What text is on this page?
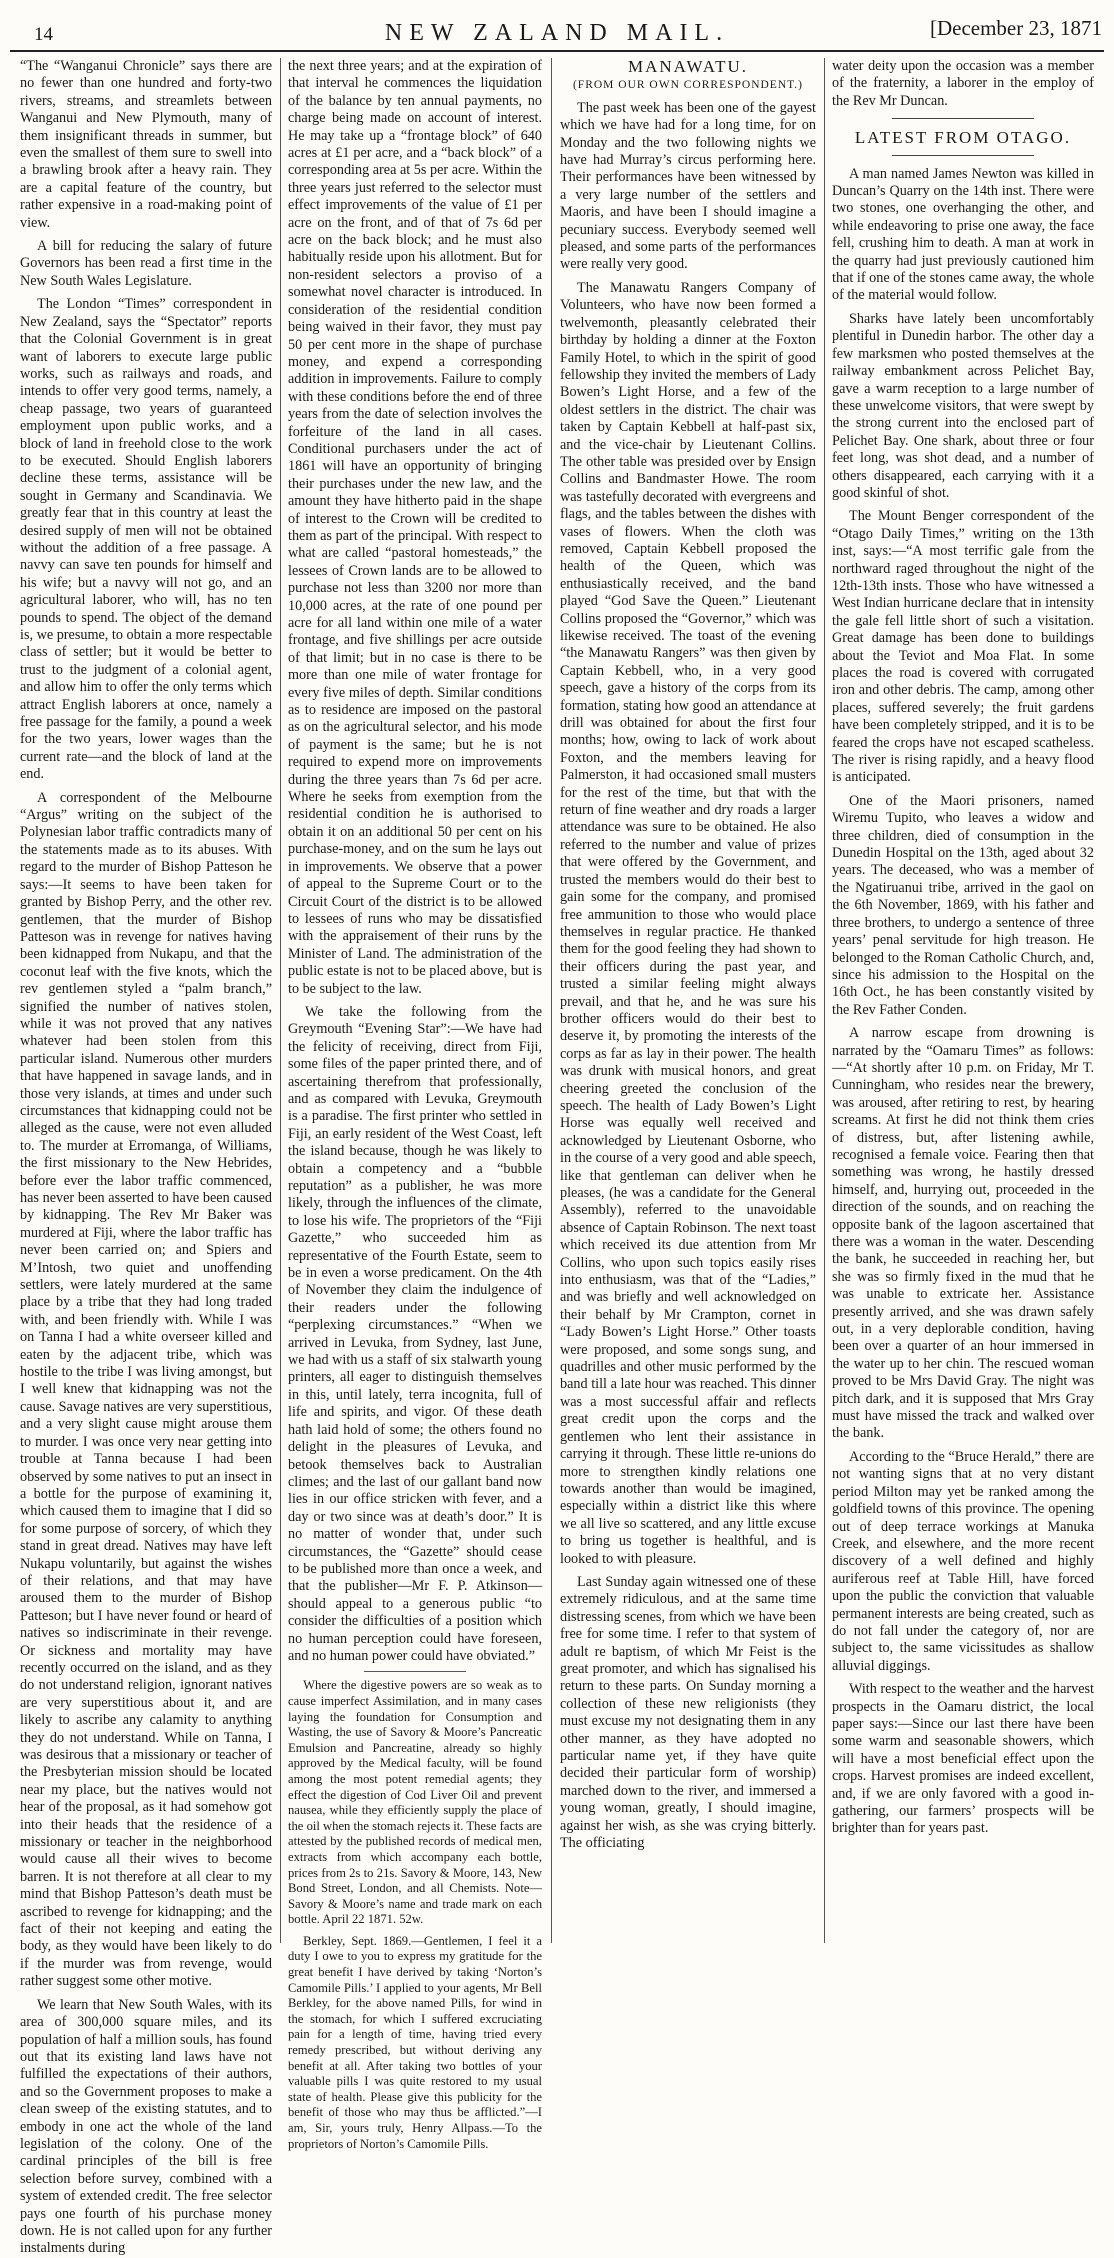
14	NEW ZALAND MAIL.	[December 23, 1871

“The “Wanganui Chronicle” says there are no fewer than one hundred and forty-two rivers, streams, and streamlets between Wanganui and New Plymouth, many of them insignificant threads in summer, but even the smallest of them sure to swell into a brawling brook after a heavy rain. They are a capital feature of the country, but rather expensive in a road-making point of view.

A bill for reducing the salary of future Governors has been read a first time in the New South Wales Legislature.

The London “Times” correspondent in New Zealand, says the “Spectator” reports that the Colonial Government is in great want of laborers to execute large public works, such as railways and roads, and intends to offer very good terms, namely, a cheap passage, two years of guaranteed employment upon public works, and a block of land in freehold close to the work to be executed. Should English laborers decline these terms, assistance will be sought in Germany and Scandinavia. We greatly fear that in this country at least the desired supply of men will not be obtained without the addition of a free passage. A navvy can save ten pounds for himself and his wife; but a navvy will not go, and an agricultural laborer, who will, has no ten pounds to spend. The object of the demand is, we presume, to obtain a more respectable class of settler; but it would be better to trust to the judgment of a colonial agent, and allow him to offer the only terms which attract English laborers at once, namely a free passage for the family, a pound a week for the two years, lower wages than the current rate—and the block of land at the end.

A correspondent of the Melbourne “Argus” writing on the subject of the Polynesian labor traffic contradicts many of the statements made as to its abuses. With regard to the murder of Bishop Patteson he says:—It seems to have been taken for granted by Bishop Perry, and the other rev. gentlemen, that the murder of Bishop Patteson was in revenge for natives having been kidnapped from Nukapu, and that the coconut leaf with the five knots, which the rev gentlemen styled a “palm branch,” signified the number of natives stolen, while it was not proved that any natives whatever had been stolen from this particular island. Numerous other murders that have happened in savage lands, and in those very islands, at times and under such circumstances that kidnapping could not be alleged as the cause, were not even alluded to. The murder at Erromanga, of Williams, the first missionary to the New Hebrides, before ever the labor traffic commenced, has never been asserted to have been caused by kidnapping. The Rev Mr Baker was murdered at Fiji, where the labor traffic has never been carried on; and Spiers and M’Intosh, two quiet and unoffending settlers, were lately murdered at the same place by a tribe that they had long traded with, and been friendly with. While I was on Tanna I had a white overseer killed and eaten by the adjacent tribe, which was hostile to the tribe I was living amongst, but I well knew that kidnapping was not the cause. Savage natives are very superstitious, and a very slight cause might arouse them to murder. I was once very near getting into trouble at Tanna because I had been observed by some natives to put an insect in a bottle for the purpose of examining it, which caused them to imagine that I did so for some purpose of sorcery, of which they stand in great dread. Natives may have left Nukapu voluntarily, but against the wishes of their relations, and that may have aroused them to the murder of Bishop Patteson; but I have never found or heard of natives so indiscriminate in their revenge. Or sickness and mortality may have recently occurred on the island, and as they do not understand religion, ignorant natives are very superstitious about it, and are likely to ascribe any calamity to anything they do not understand. While on Tanna, I was desirous that a missionary or teacher of the Presbyterian mission should be located near my place, but the natives would not hear of the proposal, as it had somehow got into their heads that the residence of a missionary or teacher in the neighborhood would cause all their wives to become barren. It is not therefore at all clear to my mind that Bishop Patteson’s death must be ascribed to revenge for kidnapping; and the fact of their not keeping and eating the body, as they would have been likely to do if the murder was from revenge, would rather suggest some other motive.

We learn that New South Wales, with its area of 300,000 square miles, and its population of half a million souls, has found out that its existing land laws have not fulfilled the expectations of their authors, and so the Government proposes to make a clean sweep of the existing statutes, and to embody in one act the whole of the land legislation of the colony. One of the cardinal principles of the bill is free selection before survey, combined with a system of extended credit. The free selector pays one fourth of his purchase money down. He is not called upon for any further instalments during

the next three years; and at the expiration of that interval he commences the liquidation of the balance by ten annual payments, no charge being made on account of interest. He may take up a “frontage block” of 640 acres at £1 per acre, and a “back block” of a corresponding area at 5s per acre. Within the three years just referred to the selector must effect improvements of the value of £1 per acre on the front, and of that of 7s 6d per acre on the back block; and he must also habitually reside upon his allotment. But for non-resident selectors a proviso of a somewhat novel character is introduced. In consideration of the residential condition being waived in their favor, they must pay 50 per cent more in the shape of purchase money, and expend a corresponding addition in improvements. Failure to comply with these conditions before the end of three years from the date of selection involves the forfeiture of the land in all cases. Conditional purchasers under the act of 1861 will have an opportunity of bringing their purchases under the new law, and the amount they have hitherto paid in the shape of interest to the Crown will be credited to them as part of the principal. With respect to what are called “pastoral homesteads,” the lessees of Crown lands are to be allowed to purchase not less than 3200 nor more than 10,000 acres, at the rate of one pound per acre for all land within one mile of a water frontage, and five shillings per acre outside of that limit; but in no case is there to be more than one mile of water frontage for every five miles of depth. Similar conditions as to residence are imposed on the pastoral as on the agricultural selector, and his mode of payment is the same; but he is not required to expend more on improvements during the three years than 7s 6d per acre. Where he seeks from exemption from the residential condition he is authorised to obtain it on an additional 50 per cent on his purchase-money, and on the sum he lays out in improvements. We observe that a power of appeal to the Supreme Court or to the Circuit Court of the district is to be allowed to lessees of runs who may be dissatisfied with the appraisement of their runs by the Minister of Land. The administration of the public estate is not to be placed above, but is to be subject to the law.

We take the following from the Greymouth “Evening Star”:—We have had the felicity of receiving, direct from Fiji, some files of the paper printed there, and of ascertaining therefrom that professionally, and as compared with Levuka, Greymouth is a paradise. The first printer who settled in Fiji, an early resident of the West Coast, left the island because, though he was likely to obtain a competency and a “bubble reputation” as a publisher, he was more likely, through the influences of the climate, to lose his wife. The proprietors of the “Fiji Gazette,” who succeeded him as representative of the Fourth Estate, seem to be in even a worse predicament. On the 4th of November they claim the indulgence of their readers under the following “perplexing circumstances.” “When we arrived in Levuka, from Sydney, last June, we had with us a staff of six stalwarth young printers, all eager to distinguish themselves in this, until lately, terra incognita, full of life and spirits, and vigor. Of these death hath laid hold of some; the others found no delight in the pleasures of Levuka, and betook themselves back to Australian climes; and the last of our gallant band now lies in our office stricken with fever, and a day or two since was at death’s door.” It is no matter of wonder that, under such circumstances, the “Gazette” should cease to be published more than once a week, and that the publisher—Mr F. P. Atkinson—should appeal to a generous public “to consider the difficulties of a position which no human perception could have foreseen, and no human power could have obviated.”

Where the digestive powers are so weak as to cause imperfect Assimilation, and in many cases laying the foundation for Consumption and Wasting, the use of Savory & Moore’s Pancreatic Emulsion and Pancreatine, already so highly approved by the Medical faculty, will be found among the most potent remedial agents; they effect the digestion of Cod Liver Oil and prevent nausea, while they efficiently supply the place of the oil when the stomach rejects it. These facts are attested by the published records of medical men, extracts from which accompany each bottle, prices from 2s to 21s. Savory & Moore, 143, New Bond Street, London, and all Chemists. Note—Savory & Moore’s name and trade mark on each bottle. April 22 1871. 52w.

Berkley, Sept. 1869.—Gentlemen, I feel it a duty I owe to you to express my gratitude for the great benefit I have derived by taking ‘Norton’s Camomile Pills.’ I applied to your agents, Mr Bell Berkley, for the above named Pills, for wind in the stomach, for which I suffered excruciating pain for a length of time, having tried every remedy prescribed, but without deriving any benefit at all. After taking two bottles of your valuable pills I was quite restored to my usual state of health. Please give this publicity for the benefit of those who may thus be afflicted.”—I am, Sir, yours truly, Henry Allpass.—To the proprietors of Norton’s Camomile Pills.

MANAWATU.
(FROM OUR OWN CORRESPONDENT.)

The past week has been one of the gayest which we have had for a long time, for on Monday and the two following nights we have had Murray’s circus performing here. Their performances have been witnessed by a very large number of the settlers and Maoris, and have been I should imagine a pecuniary success. Everybody seemed well pleased, and some parts of the performances were really very good.

The Manawatu Rangers Company of Volunteers, who have now been formed a twelvemonth, pleasantly celebrated their birthday by holding a dinner at the Foxton Family Hotel, to which in the spirit of good fellowship they invited the members of Lady Bowen’s Light Horse, and a few of the oldest settlers in the district. The chair was taken by Captain Kebbell at half-past six, and the vice-chair by Lieutenant Collins. The other table was presided over by Ensign Collins and Bandmaster Howe. The room was tastefully decorated with evergreens and flags, and the tables between the dishes with vases of flowers. When the cloth was removed, Captain Kebbell proposed the health of the Queen, which was enthusiastically received, and the band played “God Save the Queen.” Lieutenant Collins proposed the “Governor,” which was likewise received. The toast of the evening “the Manawatu Rangers” was then given by Captain Kebbell, who, in a very good speech, gave a history of the corps from its formation, stating how good an attendance at drill was obtained for about the first four months; how, owing to lack of work about Foxton, and the members leaving for Palmerston, it had occasioned small musters for the rest of the time, but that with the return of fine weather and dry roads a larger attendance was sure to be obtained. He also referred to the number and value of prizes that were offered by the Government, and trusted the members would do their best to gain some for the company, and promised free ammunition to those who would place themselves in regular practice. He thanked them for the good feeling they had shown to their officers during the past year, and trusted a similar feeling might always prevail, and that he, and he was sure his brother officers would do their best to deserve it, by promoting the interests of the corps as far as lay in their power. The health was drunk with musical honors, and great cheering greeted the conclusion of the speech. The health of Lady Bowen’s Light Horse was equally well received and acknowledged by Lieutenant Osborne, who in the course of a very good and able speech, like that gentleman can deliver when he pleases, (he was a candidate for the General Assembly), referred to the unavoidable absence of Captain Robinson. The next toast which received its due attention from Mr Collins, who upon such topics easily rises into enthusiasm, was that of the “Ladies,” and was briefly and well acknowledged on their behalf by Mr Crampton, cornet in “Lady Bowen’s Light Horse.” Other toasts were proposed, and some songs sung, and quadrilles and other music performed by the band till a late hour was reached. This dinner was a most successful affair and reflects great credit upon the corps and the gentlemen who lent their assistance in carrying it through. These little re-unions do more to strengthen kindly relations one towards another than would be imagined, especially within a district like this where we all live so scattered, and any little excuse to bring us together is healthful, and is looked to with pleasure.

Last Sunday again witnessed one of these extremely ridiculous, and at the same time distressing scenes, from which we have been free for some time. I refer to that system of adult re baptism, of which Mr Feist is the great promoter, and which has signalised his return to these parts. On Sunday morning a collection of these new religionists (they must excuse my not designating them in any other manner, as they have adopted no particular name yet, if they have quite decided their particular form of worship) marched down to the river, and immersed a young woman, greatly, I should imagine, against her wish, as she was crying bitterly. The officiating

water deity upon the occasion was a member of the fraternity, a laborer in the employ of the Rev Mr Duncan.

LATEST FROM OTAGO.

A man named James Newton was killed in Duncan’s Quarry on the 14th inst. There were two stones, one overhanging the other, and while endeavoring to prise one away, the face fell, crushing him to death. A man at work in the quarry had just previously cautioned him that if one of the stones came away, the whole of the material would follow.

Sharks have lately been uncomfortably plentiful in Dunedin harbor. The other day a few marksmen who posted themselves at the railway embankment across Pelichet Bay, gave a warm reception to a large number of these unwelcome visitors, that were swept by the strong current into the enclosed part of Pelichet Bay. One shark, about three or four feet long, was shot dead, and a number of others disappeared, each carrying with it a good skinful of shot.

The Mount Benger correspondent of the “Otago Daily Times,” writing on the 13th inst, says:—“A most terrific gale from the northward raged throughout the night of the 12th-13th insts. Those who have witnessed a West Indian hurricane declare that in intensity the gale fell little short of such a visitation. Great damage has been done to buildings about the Teviot and Moa Flat. In some places the road is covered with corrugated iron and other debris. The camp, among other places, suffered severely; the fruit gardens have been completely stripped, and it is to be feared the crops have not escaped scatheless. The river is rising rapidly, and a heavy flood is anticipated.

One of the Maori prisoners, named Wiremu Tupito, who leaves a widow and three children, died of consumption in the Dunedin Hospital on the 13th, aged about 32 years. The deceased, who was a member of the Ngatiruanui tribe, arrived in the gaol on the 6th November, 1869, with his father and three brothers, to undergo a sentence of three years’ penal servitude for high treason. He belonged to the Roman Catholic Church, and, since his admission to the Hospital on the 16th Oct., he has been constantly visited by the Rev Father Conden.

A narrow escape from drowning is narrated by the “Oamaru Times” as follows:—“At shortly after 10 p.m. on Friday, Mr T. Cunningham, who resides near the brewery, was aroused, after retiring to rest, by hearing screams. At first he did not think them cries of distress, but, after listening awhile, recognised a female voice. Fearing then that something was wrong, he hastily dressed himself, and, hurrying out, proceeded in the direction of the sounds, and on reaching the opposite bank of the lagoon ascertained that there was a woman in the water. Descending the bank, he succeeded in reaching her, but she was so firmly fixed in the mud that he was unable to extricate her. Assistance presently arrived, and she was drawn safely out, in a very deplorable condition, having been over a quarter of an hour immersed in the water up to her chin. The rescued woman proved to be Mrs David Gray. The night was pitch dark, and it is supposed that Mrs Gray must have missed the track and walked over the bank.

According to the “Bruce Herald,” there are not wanting signs that at no very distant period Milton may yet be ranked among the goldfield towns of this province. The opening out of deep terrace workings at Manuka Creek, and elsewhere, and the more recent discovery of a well defined and highly auriferous reef at Table Hill, have forced upon the public the conviction that valuable permanent interests are being created, such as do not fall under the category of, nor are subject to, the same vicissitudes as shallow alluvial diggings.

With respect to the weather and the harvest prospects in the Oamaru district, the local paper says:—Since our last there have been some warm and seasonable showers, which will have a most beneficial effect upon the crops. Harvest promises are indeed excellent, and, if we are only favored with a good in-gathering, our farmers’ prospects will be brighter than for years past.
